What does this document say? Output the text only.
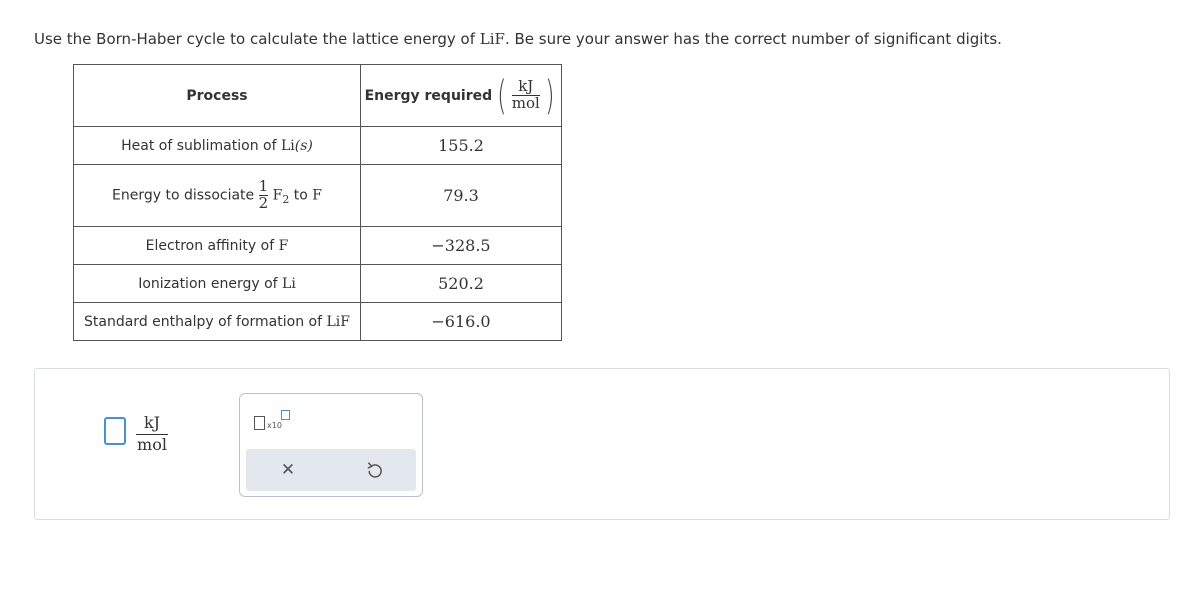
Use the Born-Haber cycle to calculate the lattice energy of LiF. Be sure your answer has the correct number of significant digits.
Process	Energy required ( $\frac{kJ}{\text{mol}}$ )

Heat of sublimation of Li(s)	155.2
Energy to dissociate $\frac{1}{2} F_2$ to F	79.3
Electron affinity of F	−328.5
Ionization energy of Li	520.2
Standard enthalpy of formation of LiF	−616.0
kJ
mol
x10
✕
